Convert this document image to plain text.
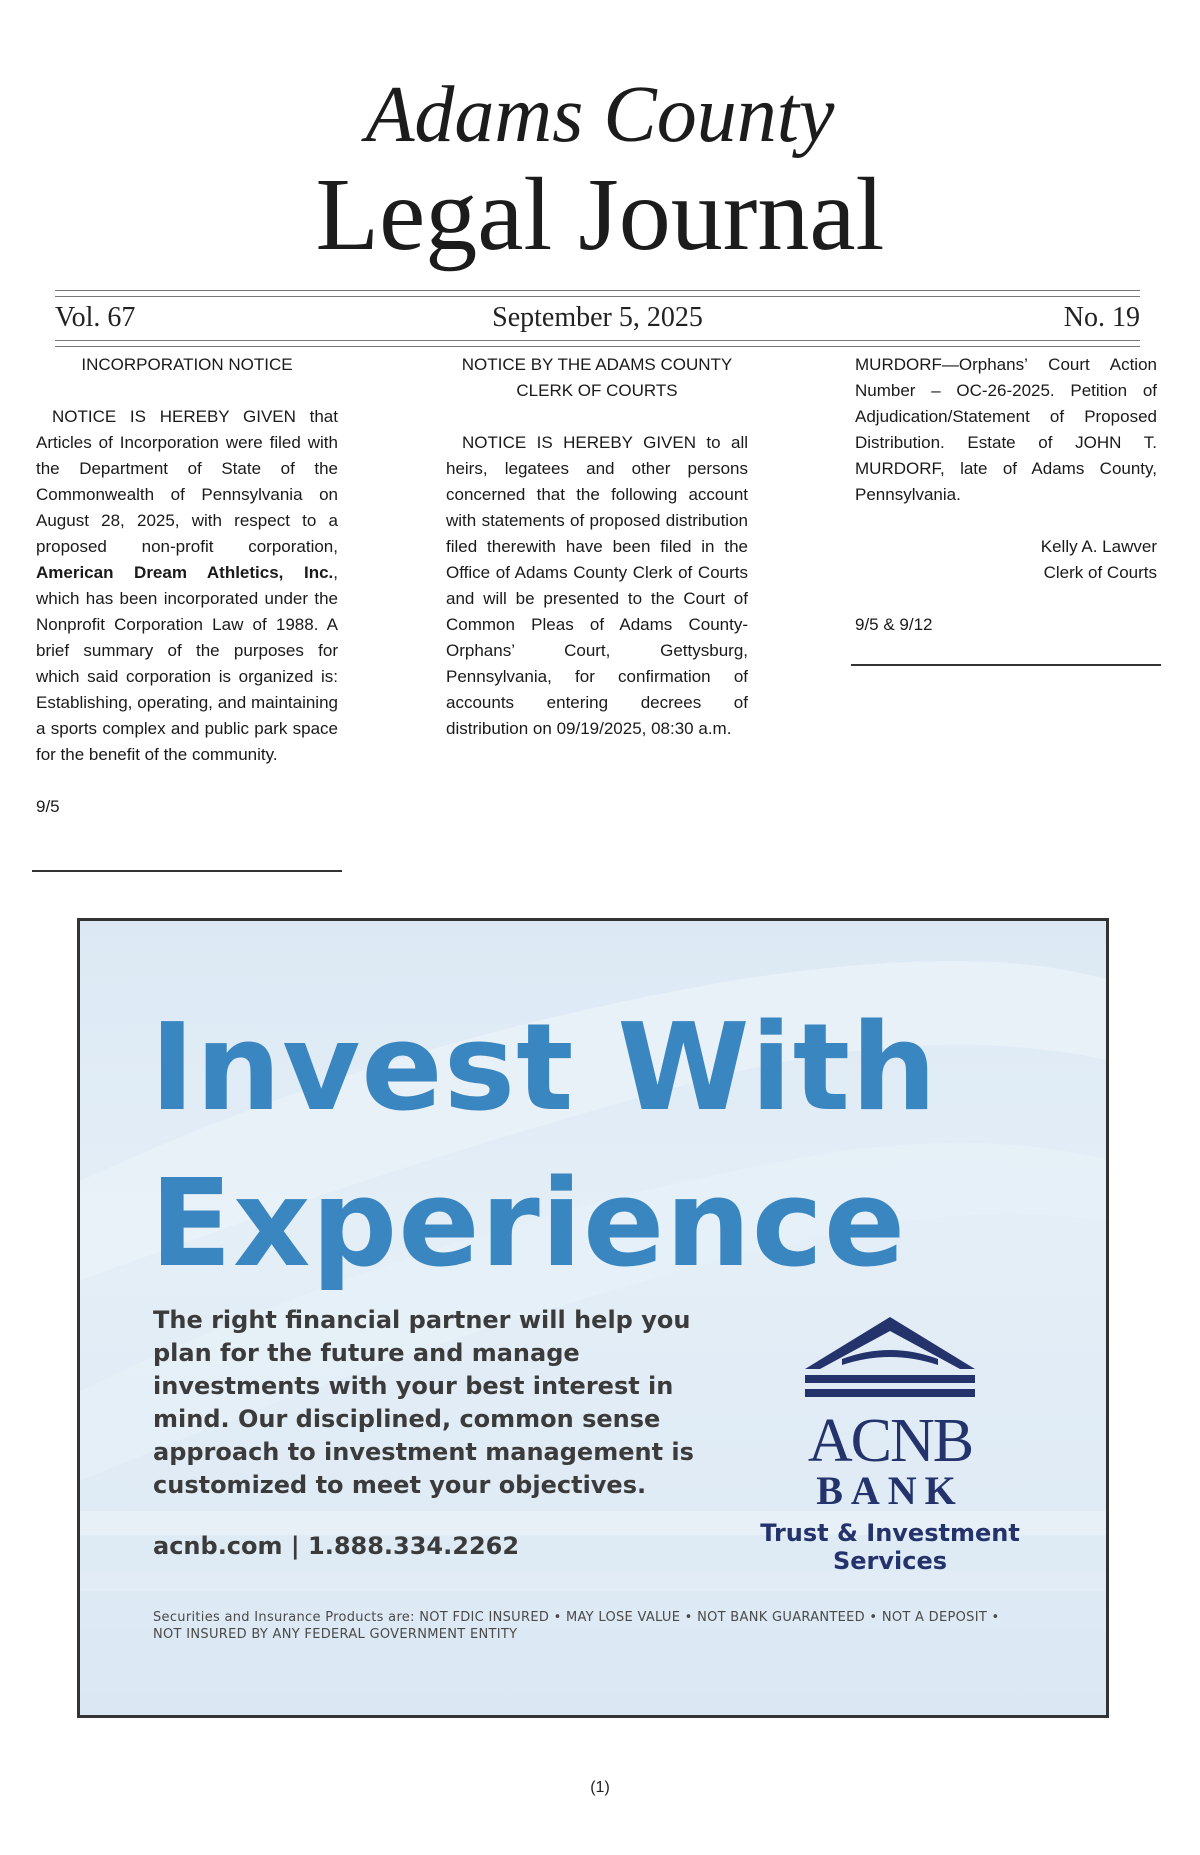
Adams County
Legal Journal
Vol. 67	September 5, 2025	No. 19

INCORPORATION NOTICE

NOTICE IS HEREBY GIVEN that Articles of Incorporation were filed with the Department of State of the Commonwealth of Pennsylvania on August 28, 2025, with respect to a proposed non-profit corporation, American Dream Athletics, Inc., which has been incorporated under the Nonprofit Corporation Law of 1988. A brief summary of the purposes for which said corporation is organized is: Establishing, operating, and maintaining a sports complex and public park space for the benefit of the community.

9/5

NOTICE BY THE ADAMS COUNTY

CLERK OF COURTS

NOTICE IS HEREBY GIVEN to all heirs, legatees and other persons concerned that the following account with statements of proposed distribution filed therewith have been filed in the Office of Adams County Clerk of Courts and will be presented to the Court of Common Pleas of Adams County-Orphans’ Court, Gettysburg, Pennsylvania, for confirmation of accounts entering decrees of distribution on 09/19/2025, 08:30 a.m.

MURDORF—Orphans’ Court Action Number – OC-26-2025. Petition of Adjudication/Statement of Proposed Distribution. Estate of JOHN T. MURDORF, late of Adams County, Pennsylvania.

Kelly A. Lawver

Clerk of Courts

9/5 & 9/12

Invest With
Experience
The right financial partner will help you plan for the future and manage investments with your best interest in mind. Our disciplined, common sense approach to investment management is customized to meet your objectives.
acnb.com | 1.888.334.2262
Securities and Insurance Products are: NOT FDIC INSURED • MAY LOSE VALUE • NOT BANK GUARANTEED • NOT A DEPOSIT • NOT INSURED BY ANY FEDERAL GOVERNMENT ENTITY
ACNB
BANK
Trust & Investment
Services
(1)
